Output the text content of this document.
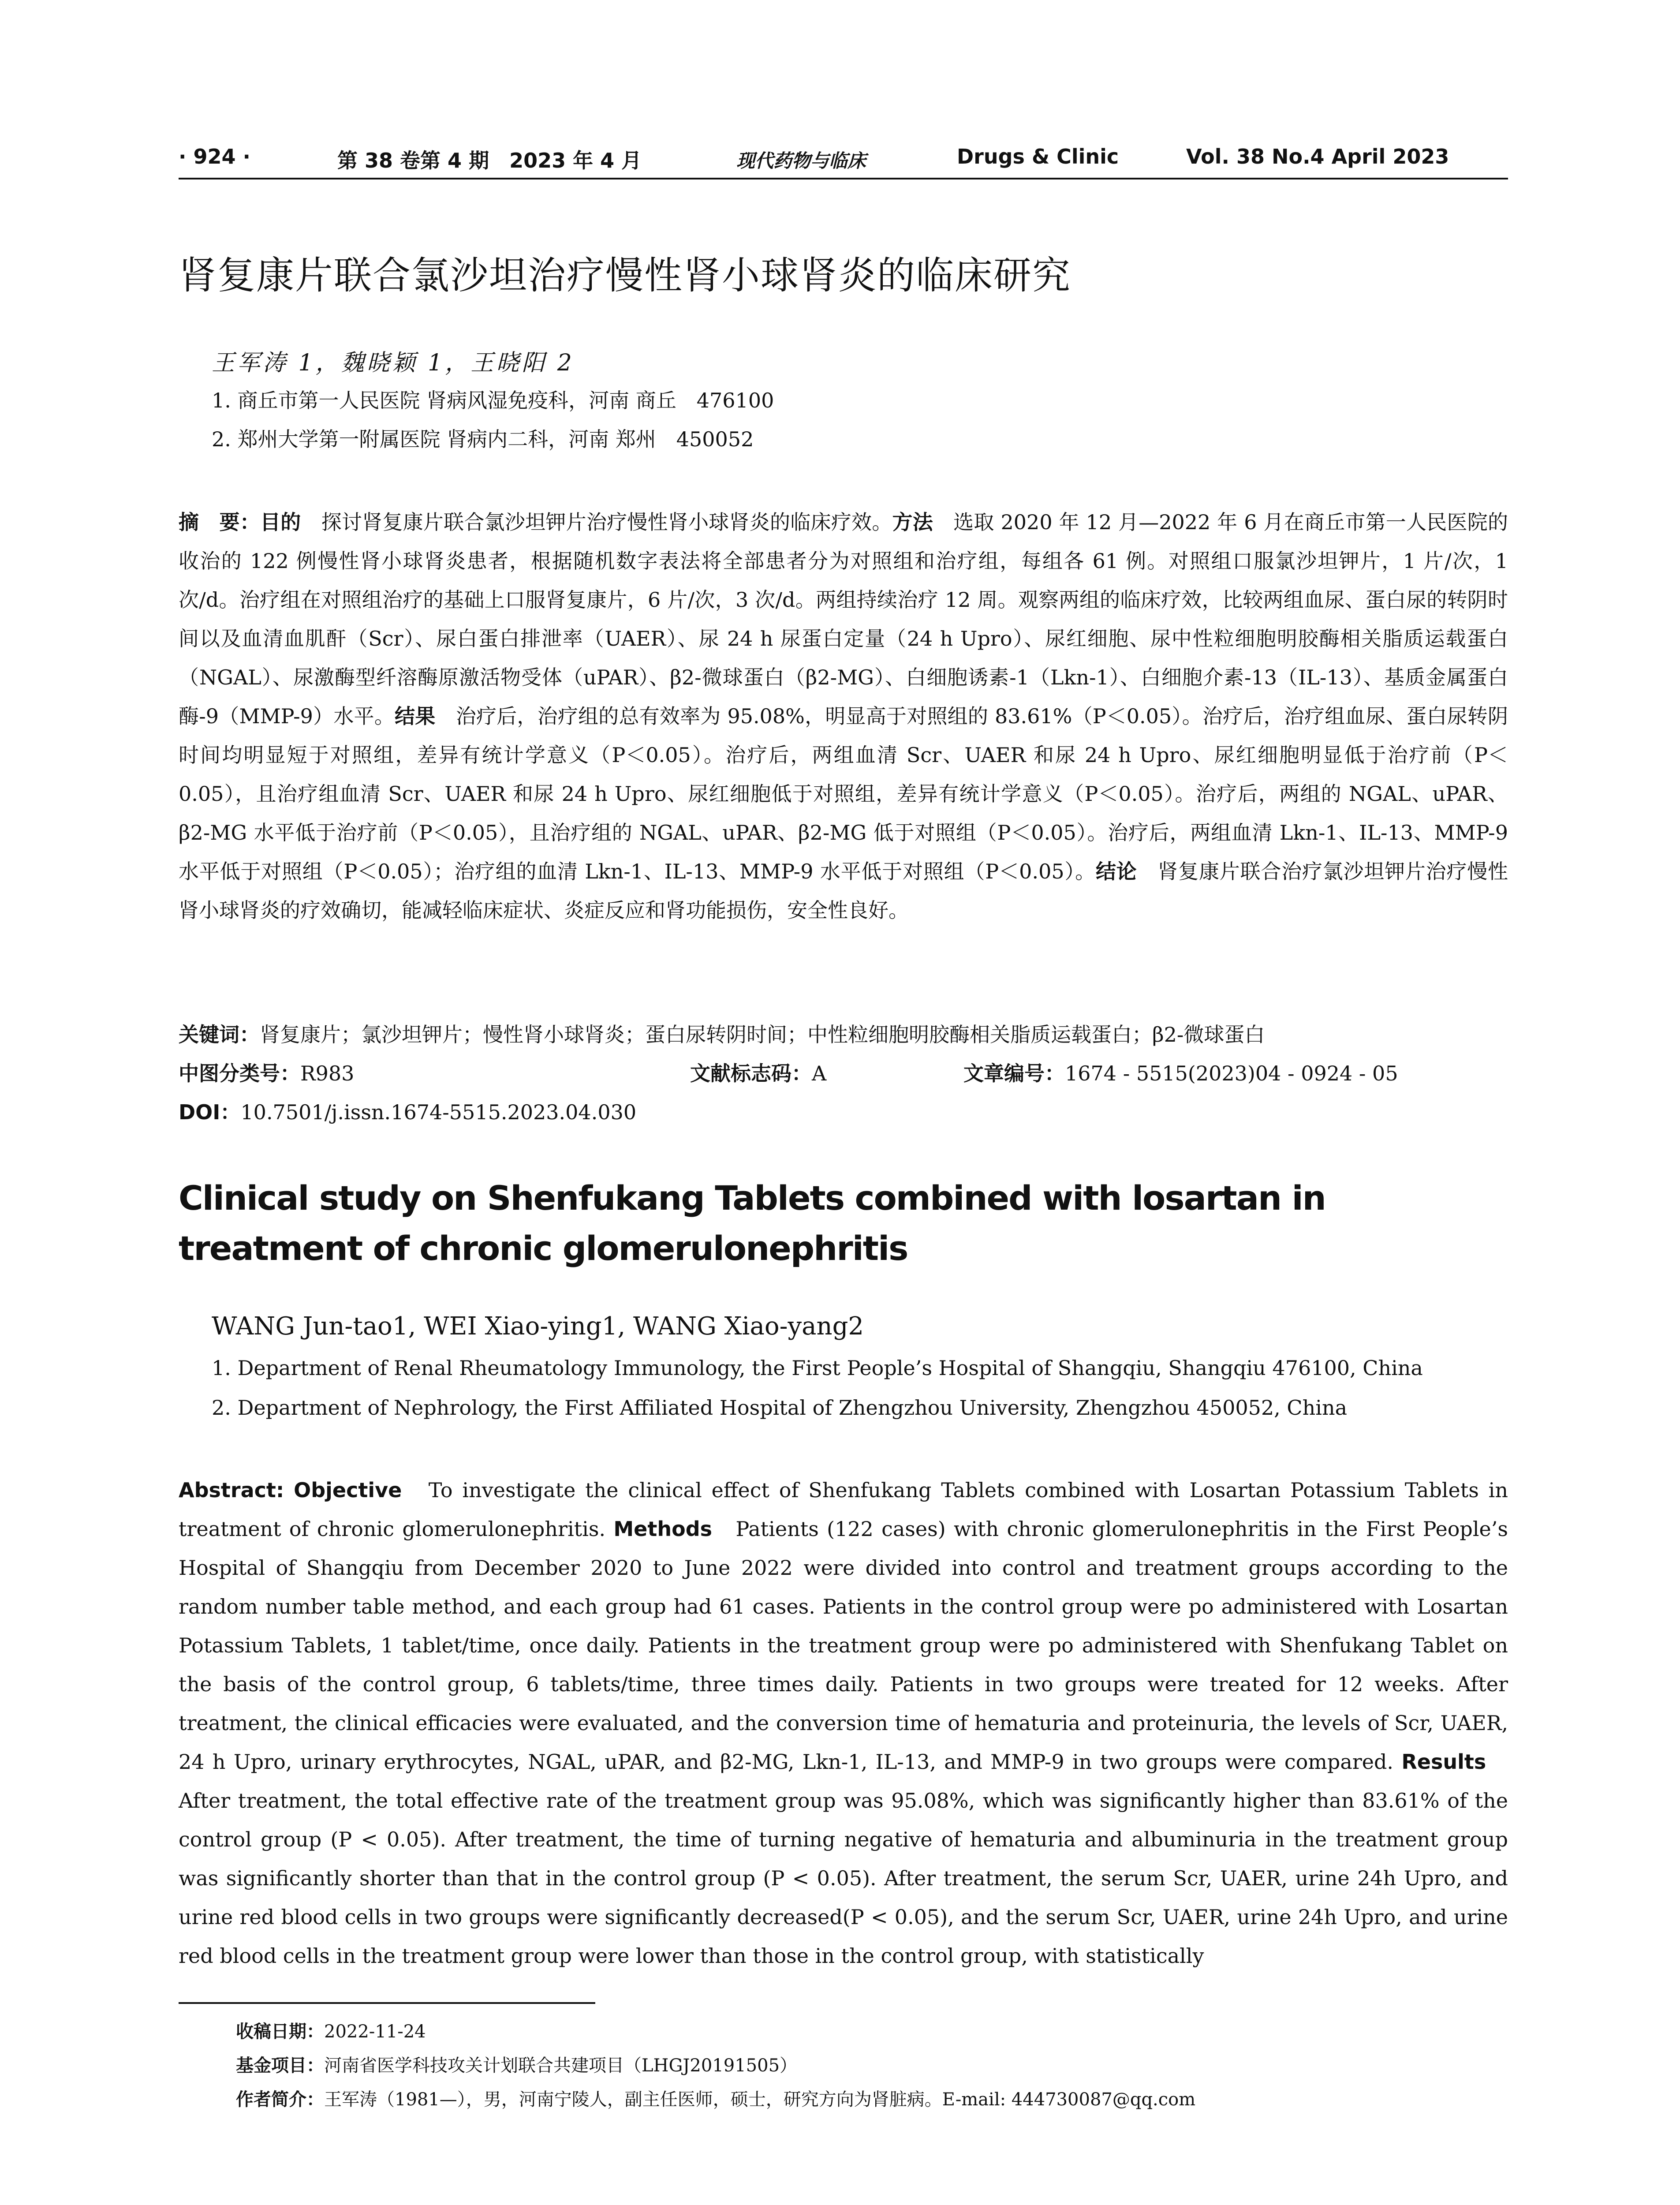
· 924 ·	第 38 卷第 4 期　2023 年 4 月	现代药物与临床	Drugs & Clinic	Vol. 38 No.4 April 2023
肾复康片联合氯沙坦治疗慢性肾小球肾炎的临床研究
王军涛 1，魏晓颖 1，王晓阳 2
1. 商丘市第一人民医院 肾病风湿免疫科，河南 商丘　476100
2. 郑州大学第一附属医院 肾病内二科，河南 郑州　450052
摘　要：目的　探讨肾复康片联合氯沙坦钾片治疗慢性肾小球肾炎的临床疗效。方法　选取 2020 年 12 月—2022 年 6 月在商丘市第一人民医院的收治的 122 例慢性肾小球肾炎患者，根据随机数字表法将全部患者分为对照组和治疗组，每组各 61 例。对照组口服氯沙坦钾片，1 片/次，1 次/d。治疗组在对照组治疗的基础上口服肾复康片，6 片/次，3 次/d。两组持续治疗 12 周。观察两组的临床疗效，比较两组血尿、蛋白尿的转阴时间以及血清血肌酐（Scr）、尿白蛋白排泄率（UAER）、尿 24 h 尿蛋白定量（24 h Upro）、尿红细胞、尿中性粒细胞明胶酶相关脂质运载蛋白（NGAL）、尿激酶型纤溶酶原激活物受体（uPAR）、β2-微球蛋白（β2-MG）、白细胞诱素-1（Lkn-1）、白细胞介素-13（IL-13）、基质金属蛋白酶-9（MMP-9）水平。结果　治疗后，治疗组的总有效率为 95.08%，明显高于对照组的 83.61%（P＜0.05）。治疗后，治疗组血尿、蛋白尿转阴时间均明显短于对照组，差异有统计学意义（P＜0.05）。治疗后，两组血清 Scr、UAER 和尿 24 h Upro、尿红细胞明显低于治疗前（P＜0.05），且治疗组血清 Scr、UAER 和尿 24 h Upro、尿红细胞低于对照组，差异有统计学意义（P＜0.05）。治疗后，两组的 NGAL、uPAR、β2-MG 水平低于治疗前（P＜0.05），且治疗组的 NGAL、uPAR、β2-MG 低于对照组（P＜0.05）。治疗后，两组血清 Lkn-1、IL-13、MMP-9 水平低于对照组（P＜0.05）；治疗组的血清 Lkn-1、IL-13、MMP-9 水平低于对照组（P＜0.05）。结论　肾复康片联合治疗氯沙坦钾片治疗慢性肾小球肾炎的疗效确切，能减轻临床症状、炎症反应和肾功能损伤，安全性良好。
关键词：肾复康片；氯沙坦钾片；慢性肾小球肾炎；蛋白尿转阴时间；中性粒细胞明胶酶相关脂质运载蛋白；β2-微球蛋白
中图分类号：R983	文献标志码：A	文章编号：1674 - 5515(2023)04 - 0924 - 05
DOI：10.7501/j.issn.1674-5515.2023.04.030
Clinical study on Shenfukang Tablets combined with losartan in treatment of chronic glomerulonephritis
WANG Jun-tao1, WEI Xiao-ying1, WANG Xiao-yang2
1. Department of Renal Rheumatology Immunology, the First People’s Hospital of Shangqiu, Shangqiu 476100, China
2. Department of Nephrology, the First Affiliated Hospital of Zhengzhou University, Zhengzhou 450052, China
Abstract: Objective　To investigate the clinical effect of Shenfukang Tablets combined with Losartan Potassium Tablets in treatment of chronic glomerulonephritis. Methods　Patients (122 cases) with chronic glomerulonephritis in the First People’s Hospital of Shangqiu from December 2020 to June 2022 were divided into control and treatment groups according to the random number table method, and each group had 61 cases. Patients in the control group were po administered with Losartan Potassium Tablets, 1 tablet/time, once daily. Patients in the treatment group were po administered with Shenfukang Tablet on the basis of the control group, 6 tablets/time, three times daily. Patients in two groups were treated for 12 weeks. After treatment, the clinical efficacies were evaluated, and the conversion time of hematuria and proteinuria, the levels of Scr, UAER, 24 h Upro, urinary erythrocytes, NGAL, uPAR, and β2-MG, Lkn-1, IL-13, and MMP-9 in two groups were compared. Results　After treatment, the total effective rate of the treatment group was 95.08%, which was significantly higher than 83.61% of the control group (P < 0.05). After treatment, the time of turning negative of hematuria and albuminuria in the treatment group was significantly shorter than that in the control group (P < 0.05). After treatment, the serum Scr, UAER, urine 24h Upro, and urine red blood cells in two groups were significantly decreased(P < 0.05), and the serum Scr, UAER, urine 24h Upro, and urine red blood cells in the treatment group were lower than those in the control group, with statistically
收稿日期：2022-11-24
基金项目：河南省医学科技攻关计划联合共建项目（LHGJ20191505）
作者简介：王军涛（1981—），男，河南宁陵人，副主任医师，硕士，研究方向为肾脏病。E-mail: 444730087@qq.com
